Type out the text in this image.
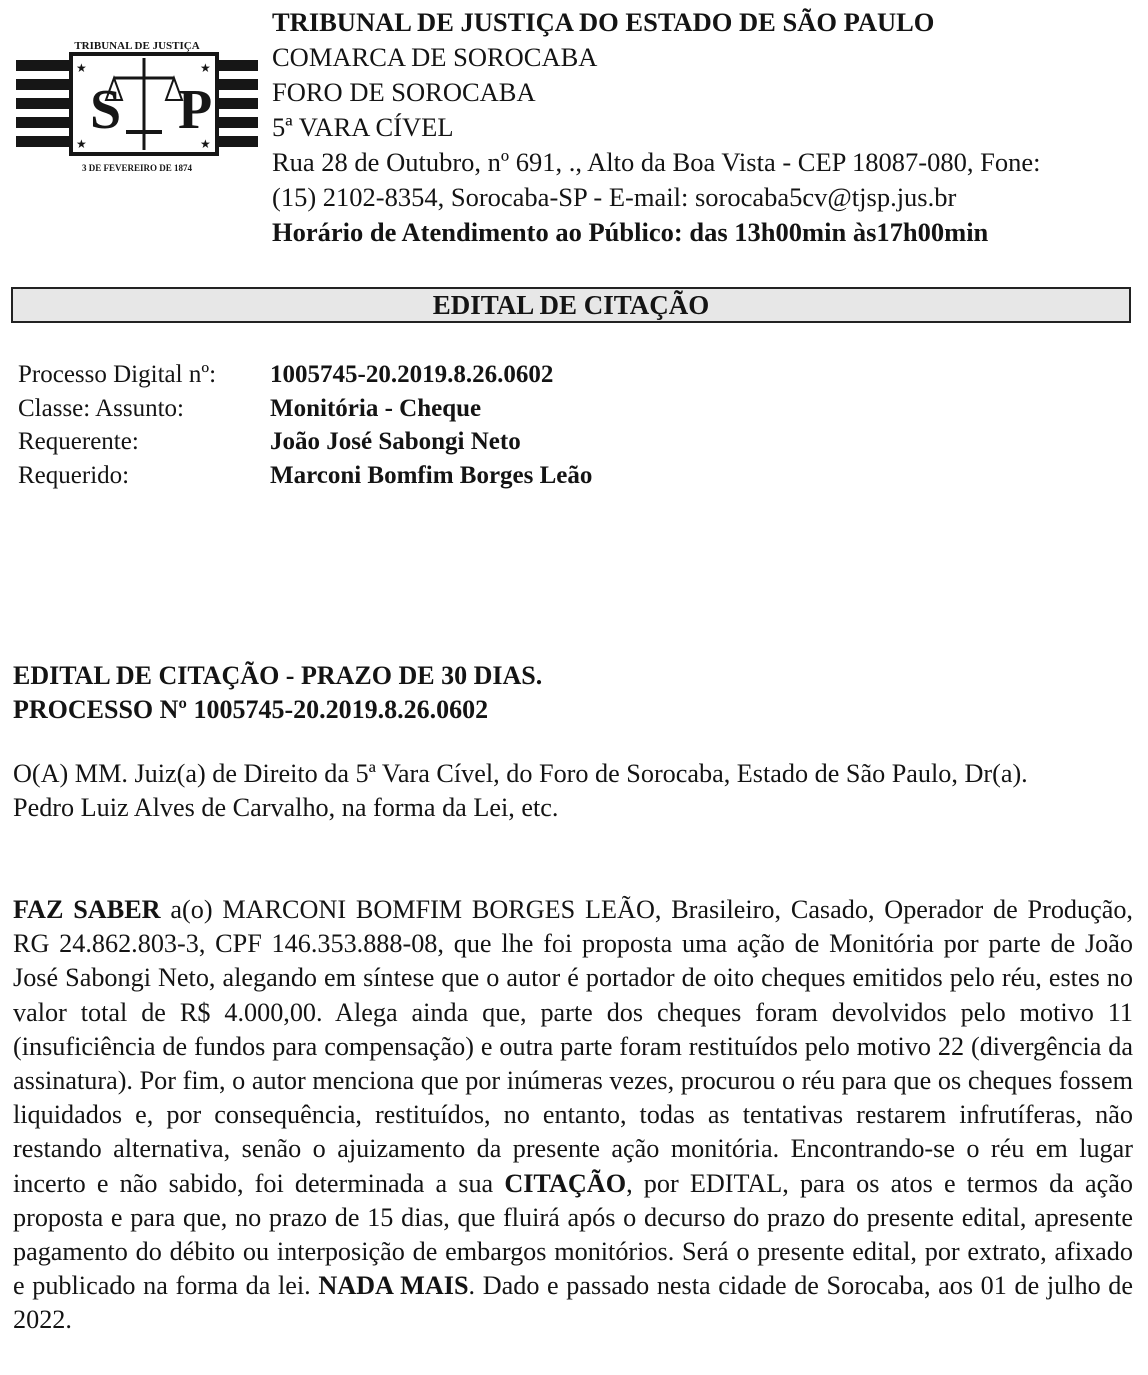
S P
★	★
★	★
TRIBUNAL DE JUSTIÇA
3 DE FEVEREIRO DE 1874
TRIBUNAL DE JUSTIÇA DO ESTADO DE SÃO PAULO
COMARCA DE SOROCABA
FORO DE SOROCABA
5ª VARA CÍVEL
Rua 28 de Outubro, nº 691, ., Alto da Boa Vista - CEP 18087-080, Fone:
(15) 2102-8354, Sorocaba-SP - E-mail: sorocaba5cv@tjsp.jus.br
Horário de Atendimento ao Público: das 13h00min às17h00min
EDITAL DE CITAÇÃO
Processo Digital nº: 1005745-20.2019.8.26.0602
Classe: Assunto:	Monitória - Cheque
Requerente:	João José Sabongi Neto
Requerido:	Marconi Bomfim Borges Leão
EDITAL DE CITAÇÃO - PRAZO DE 30 DIAS.
PROCESSO Nº 1005745-20.2019.8.26.0602
O(A) MM. Juiz(a) de Direito da 5ª Vara Cível, do Foro de Sorocaba, Estado de São Paulo, Dr(a).
Pedro Luiz Alves de Carvalho, na forma da Lei, etc.
FAZ SABER a(o) MARCONI BOMFIM BORGES LEÃO, Brasileiro, Casado, Operador de Produção, RG 24.862.803-3, CPF 146.353.888-08, que lhe foi proposta uma ação de Monitória por parte de João José Sabongi Neto, alegando em síntese que o autor é portador de oito cheques emitidos pelo réu, estes no valor total de R$ 4.000,00. Alega ainda que, parte dos cheques foram devolvidos pelo motivo 11 (insuficiência de fundos para compensação) e outra parte foram restituídos pelo motivo 22 (divergência da assinatura). Por fim, o autor menciona que por inúmeras vezes, procurou o réu para que os cheques fossem liquidados e, por consequência, restituídos, no entanto, todas as tentativas restarem infrutíferas, não restando alternativa, senão o ajuizamento da presente ação monitória. Encontrando-se o réu em lugar incerto e não sabido, foi determinada a sua CITAÇÃO, por EDITAL, para os atos e termos da ação proposta e para que, no prazo de 15 dias, que fluirá após o decurso do prazo do presente edital, apresente pagamento do débito ou interposição de embargos monitórios. Será o presente edital, por extrato, afixado e publicado na forma da lei. NADA MAIS. Dado e passado nesta cidade de Sorocaba, aos 01 de julho de 2022.
